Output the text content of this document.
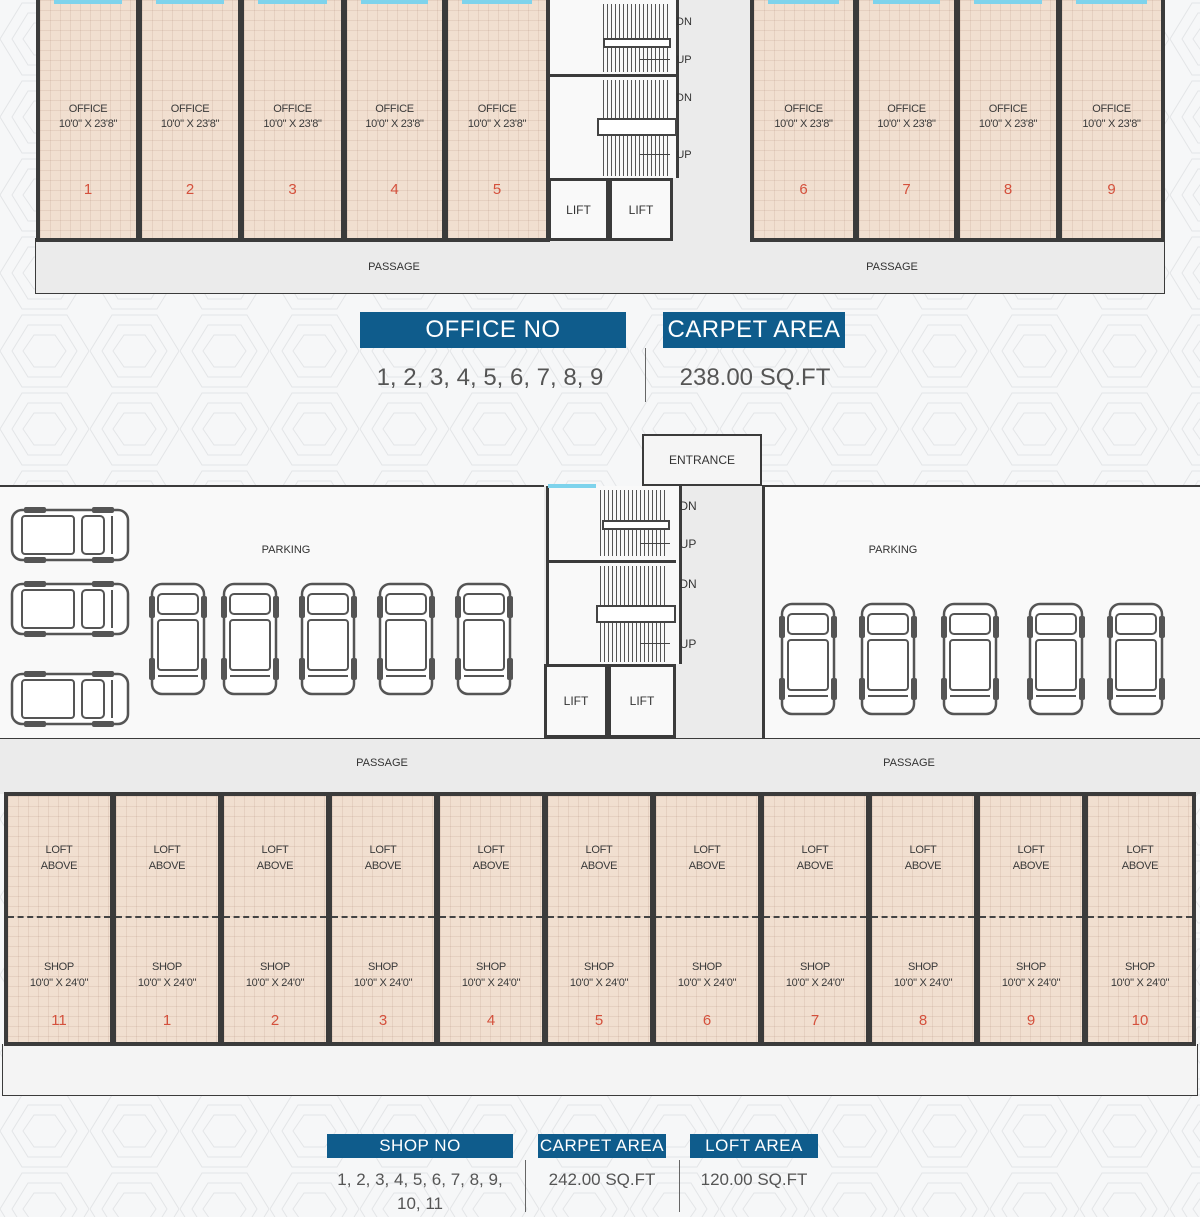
PASSAGE	PASSAGE
DN
UP
DN
UP
LIFT	LIFT
OFFICE
10'0" X 23'8"
1
OFFICE
10'0" X 23'8"
2
OFFICE
10'0" X 23'8"
3
OFFICE
10'0" X 23'8"
4
OFFICE
10'0" X 23'8"
5
OFFICE
10'0" X 23'8"
6
OFFICE
10'0" X 23'8"
7
OFFICE
10'0" X 23'8"
8
OFFICE
10'0" X 23'8"
9
OFFICE NO	CARPET AREA
1, 2, 3, 4, 5, 6, 7, 8, 9	238.00 SQ.FT
PARKING	PARKING
ENTRANCE
DN
UP
DN
UP
LIFT	LIFT
PASSAGE	PASSAGE
LOFT
ABOVE
SHOP
10'0" X 24'0"
11
LOFT
ABOVE
SHOP
10'0" X 24'0"
1
LOFT
ABOVE
SHOP
10'0" X 24'0"
2
LOFT
ABOVE
SHOP
10'0" X 24'0"
3
LOFT
ABOVE
SHOP
10'0" X 24'0"
4
LOFT
ABOVE
SHOP
10'0" X 24'0"
5
LOFT
ABOVE
SHOP
10'0" X 24'0"
6
LOFT
ABOVE
SHOP
10'0" X 24'0"
7
LOFT
ABOVE
SHOP
10'0" X 24'0"
8
LOFT
ABOVE
SHOP
10'0" X 24'0"
9
LOFT
ABOVE
SHOP
10'0" X 24'0"
10
SHOP NO	CARPET AREA	LOFT AREA
1, 2, 3, 4, 5, 6, 7, 8, 9,
10, 11
242.00 SQ.FT	120.00 SQ.FT
